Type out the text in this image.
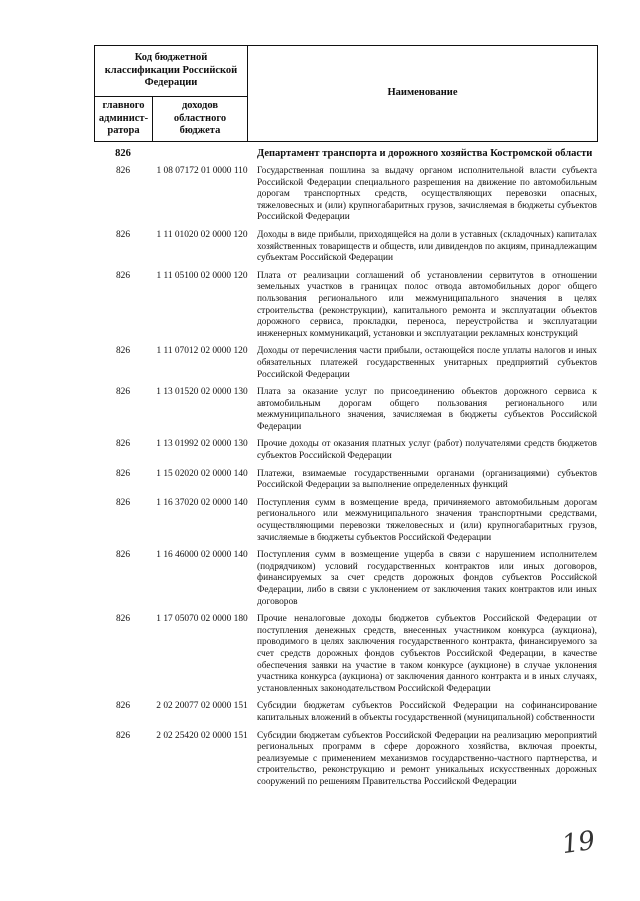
Код бюджетной классификации Российской Федерации		Наименование
главного админист-ратора	доходов областного бюджета	
826	Департамент транспорта и дорожного хозяйства Костромской области
826	1 08 07172 01 0000 110	Государственная пошлина за выдачу органом исполнительной власти субъекта Российской Федерации специального разрешения на движение по автомобильным дорогам транспортных средств, осуществляющих перевозки опасных, тяжеловесных и (или) крупногабаритных грузов, зачисляемая в бюджеты субъектов Российской Федерации
826	1 11 01020 02 0000 120	Доходы в виде прибыли, приходящейся на доли в уставных (складочных) капиталах хозяйственных товариществ и обществ, или дивидендов по акциям, принадлежащим субъектам Российской Федерации
826	1 11 05100 02 0000 120	Плата от реализации соглашений об установлении сервитутов в отношении земельных участков в границах полос отвода автомобильных дорог общего пользования регионального или межмуниципального значения в целях строительства (реконструкции), капитального ремонта и эксплуатации объектов дорожного сервиса, прокладки, переноса, переустройства и эксплуатации инженерных коммуникаций, установки и эксплуатации рекламных конструкций
826	1 11 07012 02 0000 120	Доходы от перечисления части прибыли, остающейся после уплаты налогов и иных обязательных платежей государственных унитарных предприятий субъектов Российской Федерации
826	1 13 01520 02 0000 130 Плата за оказание услуг по присоединению объектов дорожного сервиса к автомобильным дорогам общего пользования регионального или межмуниципального значения, зачисляемая в бюджеты субъектов Российской Федерации
826	1 13 01992 02 0000 130 Прочие доходы от оказания платных услуг (работ) получателями средств бюджетов субъектов Российской Федерации
826	1 15 02020 02 0000 140 Платежи, взимаемые государственными органами (организациями) субъектов Российской Федерации за выполнение определенных функций
826	1 16 37020 02 0000 140 Поступления сумм в возмещение вреда, причиняемого автомобильным дорогам регионального или межмуниципального значения транспортными средствами, осуществляющими перевозки тяжеловесных и (или) крупногабаритных грузов, зачисляемые в бюджеты субъектов Российской Федерации
826	1 16 46000 02 0000 140 Поступления сумм в возмещение ущерба в связи с нарушением исполнителем (подрядчиком) условий государственных контрактов или иных договоров, финансируемых за счет средств дорожных фондов субъектов Российской Федерации, либо в связи с уклонением от заключения таких контрактов или иных договоров
826	1 17 05070 02 0000 180 Прочие неналоговые доходы бюджетов субъектов Российской Федерации от поступления денежных средств, внесенных участником конкурса (аукциона), проводимого в целях заключения государственного контракта, финансируемого за счет средств дорожных фондов субъектов Российской Федерации, в качестве обеспечения заявки на участие в таком конкурсе (аукционе) в случае уклонения участника конкурса (аукциона) от заключения данного контракта и в иных случаях, установленных законодательством Российской Федерации
826	2 02 20077 02 0000 151 Субсидии бюджетам субъектов Российской Федерации на софинансирование капитальных вложений в объекты государственной (муниципальной) собственности
826	2 02 25420 02 0000 151 Субсидии бюджетам субъектов Российской Федерации на реализацию мероприятий региональных программ в сфере дорожного хозяйства, включая проекты, реализуемые с применением механизмов государственно-частного партнерства, и строительство, реконструкцию и ремонт уникальных искусственных дорожных сооружений по решениям Правительства Российской Федерации
19
